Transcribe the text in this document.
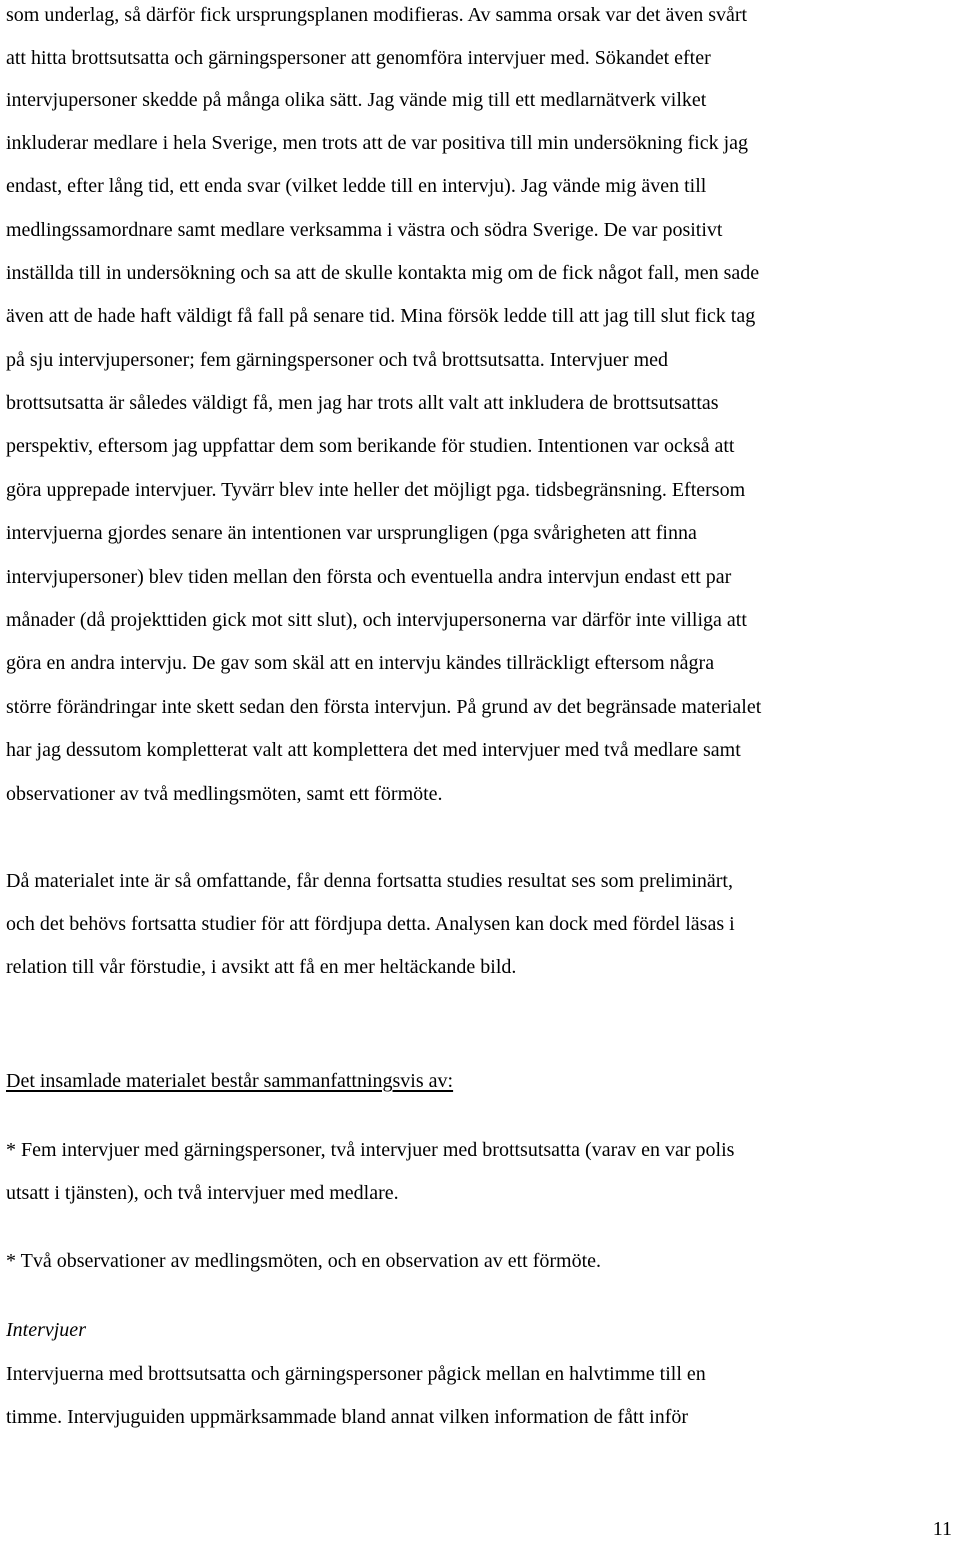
som underlag, så därför fick ursprungsplanen modifieras. Av samma orsak var det även svårt
att hitta brottsutsatta och gärningspersoner att genomföra intervjuer med. Sökandet efter
intervjupersoner skedde på många olika sätt. Jag vände mig till ett medlarnätverk vilket
inkluderar medlare i hela Sverige, men trots att de var positiva till min undersökning fick jag
endast, efter lång tid, ett enda svar (vilket ledde till en intervju). Jag vände mig även till
medlingssamordnare samt medlare verksamma i västra och södra Sverige. De var positivt
inställda till in undersökning och sa att de skulle kontakta mig om de fick något fall, men sade
även att de hade haft väldigt få fall på senare tid. Mina försök ledde till att jag till slut fick tag
på sju intervjupersoner; fem gärningspersoner och två brottsutsatta. Intervjuer med
brottsutsatta är således väldigt få, men jag har trots allt valt att inkludera de brottsutsattas
perspektiv, eftersom jag uppfattar dem som berikande för studien. Intentionen var också att
göra upprepade intervjuer. Tyvärr blev inte heller det möjligt pga. tidsbegränsning. Eftersom
intervjuerna gjordes senare än intentionen var ursprungligen (pga svårigheten att finna
intervjupersoner) blev tiden mellan den första och eventuella andra intervjun endast ett par
månader (då projekttiden gick mot sitt slut), och intervjupersonerna var därför inte villiga att
göra en andra intervju. De gav som skäl att en intervju kändes tillräckligt eftersom några
större förändringar inte skett sedan den första intervjun. På grund av det begränsade materialet
har jag dessutom kompletterat valt att komplettera det med intervjuer med två medlare samt
observationer av två medlingsmöten, samt ett förmöte.
Då materialet inte är så omfattande, får denna fortsatta studies resultat ses som preliminärt,
och det behövs fortsatta studier för att fördjupa detta. Analysen kan dock med fördel läsas i
relation till vår förstudie, i avsikt att få en mer heltäckande bild.
Det insamlade materialet består sammanfattningsvis av:
* Fem intervjuer med gärningspersoner, två intervjuer med brottsutsatta (varav en var polis
utsatt i tjänsten), och två intervjuer med medlare.
* Två observationer av medlingsmöten, och en observation av ett förmöte.
Intervjuer
Intervjuerna med brottsutsatta och gärningspersoner pågick mellan en halvtimme till en
timme. Intervjuguiden uppmärksammade bland annat vilken information de fått inför
11
